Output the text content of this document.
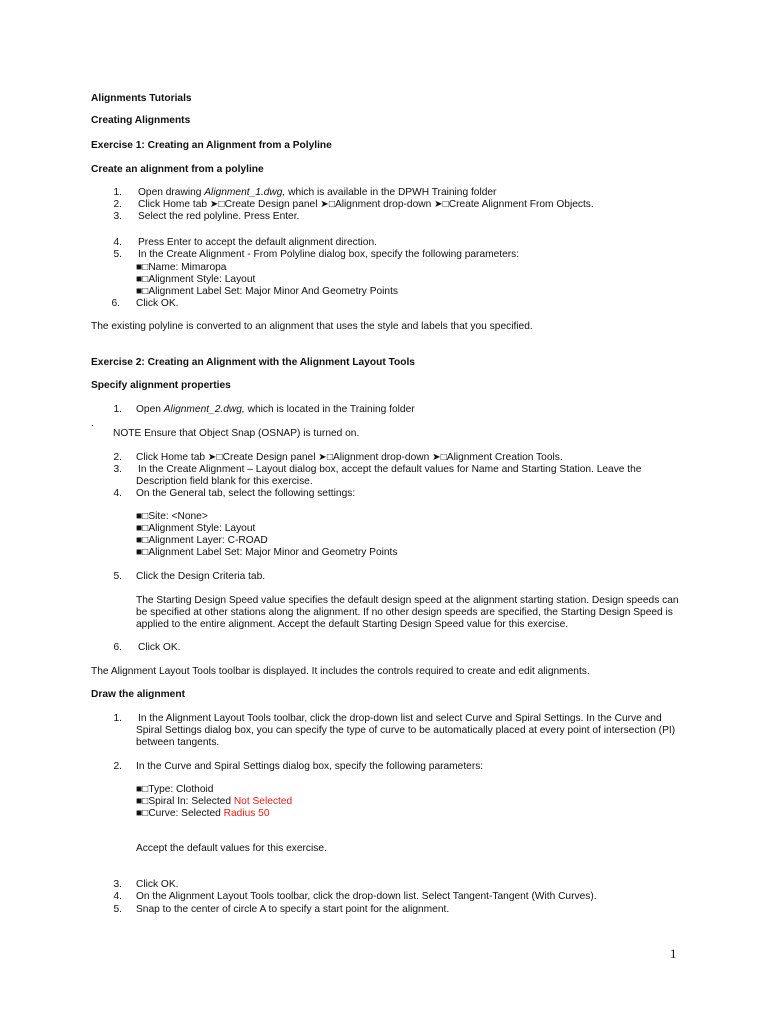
Alignments Tutorials
Creating Alignments
Exercise 1: Creating an Alignment from a Polyline
Create an alignment from a polyline
1. Open drawing Alignment_1.dwg, which is available in the DPWH Training folder
2. Click Home tab ➤□Create Design panel ➤□Alignment drop-down ➤□Create Alignment From Objects.
3. Select the red polyline. Press Enter.
4. Press Enter to accept the default alignment direction.
5. In the Create Alignment - From Polyline dialog box, specify the following parameters:
■□Name: Mimaropa
■□Alignment Style: Layout
■□Alignment Label Set: Major Minor And Geometry Points
6. Click OK.
The existing polyline is converted to an alignment that uses the style and labels that you specified.
Exercise 2: Creating an Alignment with the Alignment Layout Tools
Specify alignment properties
1. Open Alignment_2.dwg, which is located in the Training folder
.
NOTE Ensure that Object Snap (OSNAP) is turned on.
2. Click Home tab ➤□Create Design panel ➤□Alignment drop-down ➤□Alignment Creation Tools.
3. In the Create Alignment – Layout dialog box, accept the default values for Name and Starting Station. Leave the
Description field blank for this exercise.
4. On the General tab, select the following settings:
■□Site: <None>
■□Alignment Style: Layout
■□Alignment Layer: C-ROAD
■□Alignment Label Set: Major Minor and Geometry Points
5. Click the Design Criteria tab.
The Starting Design Speed value specifies the default design speed at the alignment starting station. Design speeds can
be specified at other stations along the alignment. If no other design speeds are specified, the Starting Design Speed is
applied to the entire alignment. Accept the default Starting Design Speed value for this exercise.
6. Click OK.
The Alignment Layout Tools toolbar is displayed. It includes the controls required to create and edit alignments.
Draw the alignment
1. In the Alignment Layout Tools toolbar, click the drop-down list and select Curve and Spiral Settings. In the Curve and
Spiral Settings dialog box, you can specify the type of curve to be automatically placed at every point of intersection (PI)
between tangents.
2. In the Curve and Spiral Settings dialog box, specify the following parameters:
■□Type: Clothoid
■□Spiral In: Selected Not Selected
■□Curve: Selected Radius 50
Accept the default values for this exercise.
3. Click OK.
4. On the Alignment Layout Tools toolbar, click the drop-down list. Select Tangent-Tangent (With Curves).
5. Snap to the center of circle A to specify a start point for the alignment.
1
